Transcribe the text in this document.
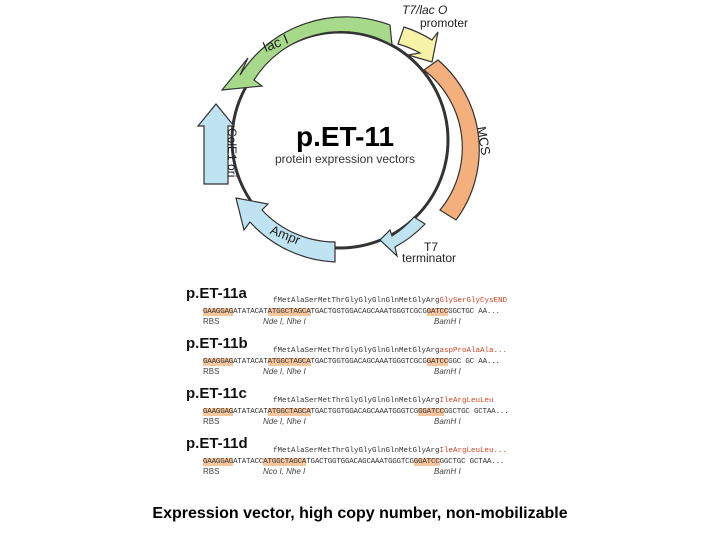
lac I
T7/lac O
promoter
MCS
T7
terminator
Ampr
ColE1 ori p.ET-11
protein expression vectors
p.ET-11a	fMetAlaSerMetThrGlyGlyGlnGlnMetGlyArgGlySerGlyCysEND
GAAGGAGATATACATATGGCTAGCATGACTGGTGGACAGCAAATGGGTCGCGGATCCGGCTGC AA...
RBS	Nde I, Nhe I	BamH I
p.ET-11b	fMetAlaSerMetThrGlyGlyGlnGlnMetGlyArgaspProAlaAla...
GAAGGAGATATACATATGGCTAGCATGACTGGTGGACAGCAAATGGGTCGCGGATCCGGC GC AA...
RBS	Nde I, Nhe I	BamH I
p.ET-11c	fMetAlaSerMetThrGlyGlyGlnGlnMetGlyArgIleArgLeuLeu
GAAGGAGATATACATATGGCTAGCATGACTGGTGGACAGCAAATGGGTCGGGATCCGGCTGC GCTAA...
RBS	Nde I, Nhe I	BamH I
p.ET-11d	fMetAlaSerMetThrGlyGlyGlnGlnMetGlyArgIleArgLeuLeu...
GAAGGAGATATACCATGGCTAGCATGACTGGTGGACAGCAAATGGGTCGGGATCCGGCTGC GCTAA...
RBS	Nco I, Nhe I	BamH I
Expression vector, high copy number, non-mobilizable
